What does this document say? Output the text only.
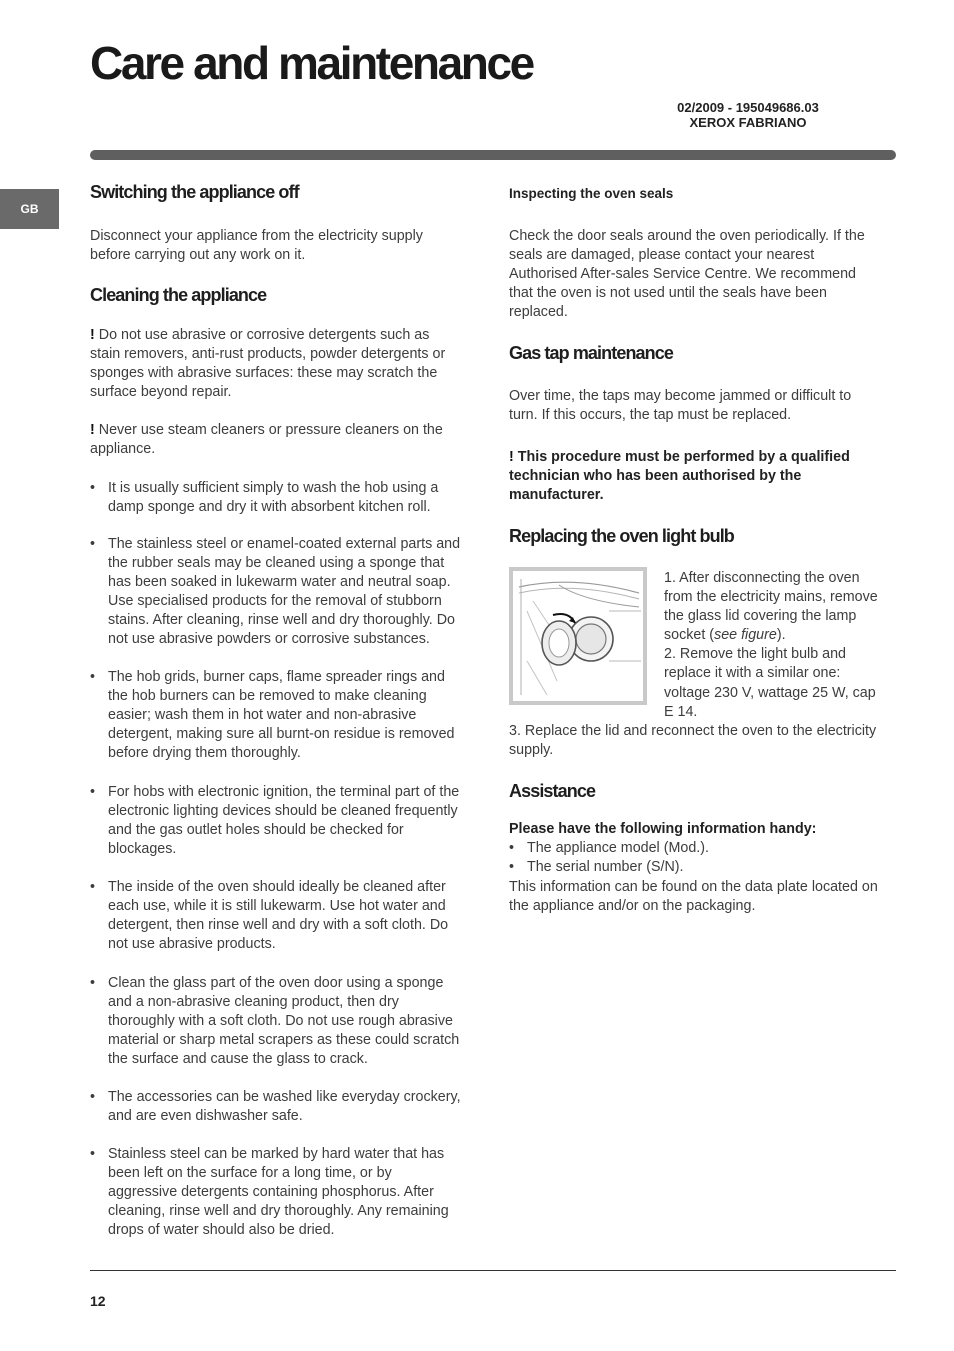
Care and maintenance
02/2009 - 195049686.03
XEROX FABRIANO
GB
Switching the appliance off

Disconnect your appliance from the electricity supply before carrying out any work on it.

Cleaning the appliance

! Do not use abrasive or corrosive detergents such as stain removers, anti-rust products, powder detergents or sponges with abrasive surfaces: these may scratch the surface beyond repair.

! Never use steam cleaners or pressure cleaners on the appliance.

• It is usually sufficient simply to wash the hob using a damp sponge and dry it with absorbent kitchen roll.
• The stainless steel or enamel-coated external parts and the rubber seals may be cleaned using a sponge that has been soaked in lukewarm water and neutral soap. Use specialised products for the removal of stubborn stains. After cleaning, rinse well and dry thoroughly. Do not use abrasive powders or corrosive substances.
• The hob grids, burner caps, flame spreader rings and the hob burners can be removed to make cleaning easier; wash them in hot water and non-abrasive detergent, making sure all burnt-on residue is removed before drying them thoroughly.
• For hobs with electronic ignition, the terminal part of the electronic lighting devices should be cleaned frequently and the gas outlet holes should be checked for blockages.
• The inside of the oven should ideally be cleaned after each use, while it is still lukewarm. Use hot water and detergent, then rinse well and dry with a soft cloth. Do not use abrasive products.
• Clean the glass part of the oven door using a sponge and a non-abrasive cleaning product, then dry thoroughly with a soft cloth. Do not use rough abrasive material or sharp metal scrapers as these could scratch the surface and cause the glass to crack.
• The accessories can be washed like everyday crockery, and are even dishwasher safe.
• Stainless steel can be marked by hard water that has been left on the surface for a long time, or by aggressive detergents containing phosphorus. After cleaning, rinse well and dry thoroughly. Any remaining drops of water should also be dried.
Inspecting the oven seals

Check the door seals around the oven periodically. If the seals are damaged, please contact your nearest Authorised After-sales Service Centre. We recommend that the oven is not used until the seals have been replaced.

Gas tap maintenance

Over time, the taps may become jammed or difficult to turn. If this occurs, the tap must be replaced.

! This procedure must be performed by a qualified technician who has been authorised by the manufacturer.

Replacing the oven light bulb

1. After disconnecting the oven from the electricity mains, remove the glass lid covering the lamp socket (see figure).

2. Remove the light bulb and replace it with a similar one: voltage 230 V, wattage 25 W, cap E 14.

3. Replace the lid and reconnect the oven to the electricity supply.

Assistance

Please have the following information handy:

• The appliance model (Mod.).
• The serial number (S/N).

This information can be found on the data plate located on the appliance and/or on the packaging.

12
